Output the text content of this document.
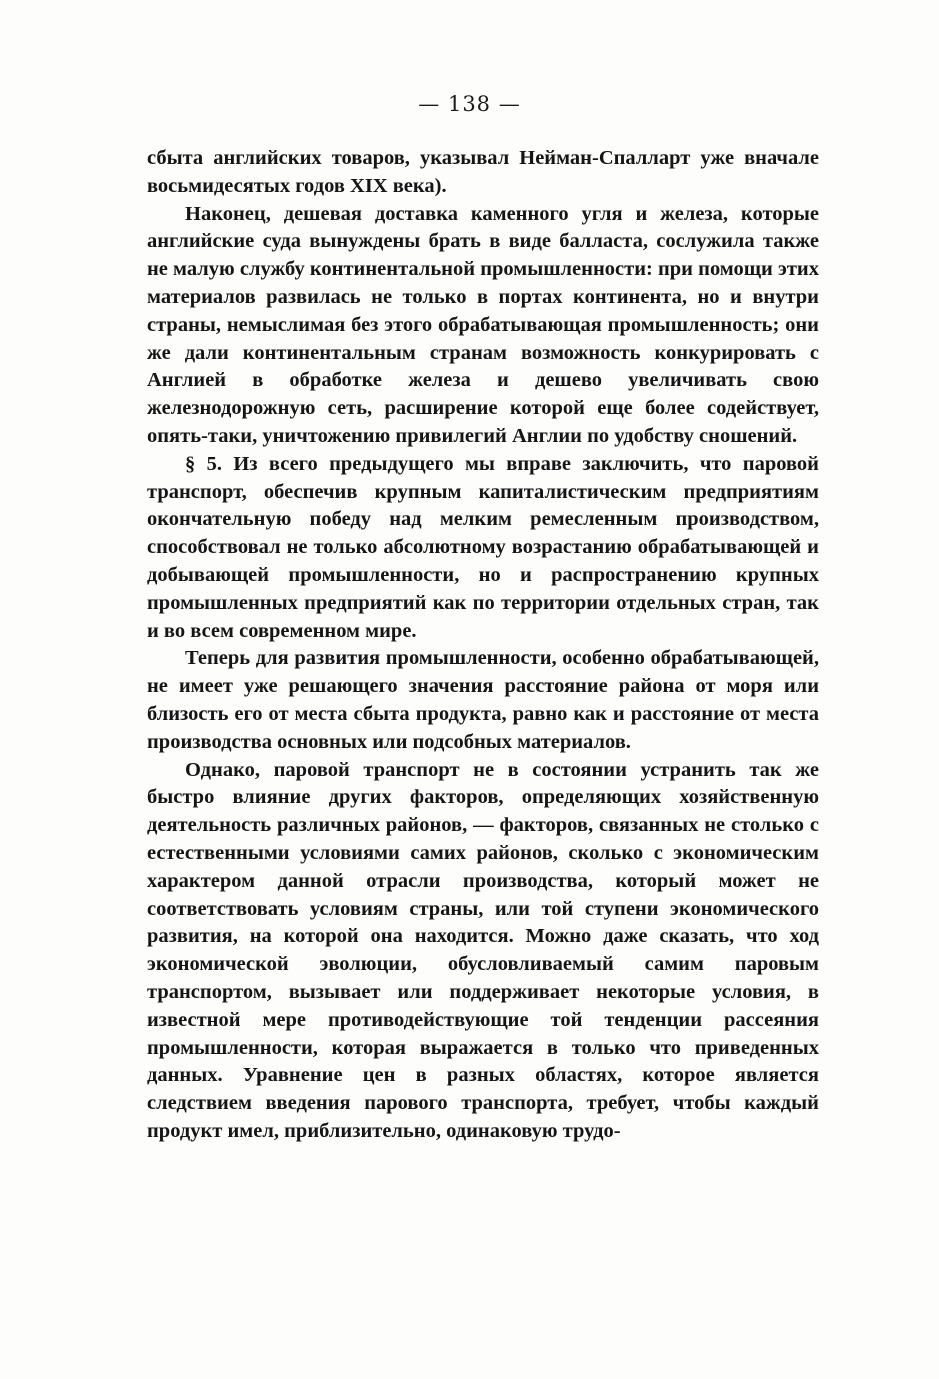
— 138 —

сбыта английских товаров, указывал Нейман-Спалларт уже вначале восьмидесятых годов XIX века).

Наконец, дешевая доставка каменного угля и железа, которые английские суда вынуждены брать в виде балласта, сослужила также не малую службу континентальной промышленности: при помощи этих материалов развилась не только в портах континента, но и внутри страны, немыслимая без этого обрабатывающая промышленность; они же дали континентальным странам возможность конкурировать с Англией в обработке железа и дешево увеличивать свою железнодорожную сеть, расширение которой еще более содействует, опять-таки, уничтожению привилегий Англии по удобству сношений.

§ 5. Из всего предыдущего мы вправе заключить, что паровой транспорт, обеспечив крупным капиталистическим предприятиям окончательную победу над мелким ремесленным производством, способствовал не только абсолютному возрастанию обрабатывающей и добывающей промышленности, но и распространению крупных промышленных предприятий как по территории отдельных стран, так и во всем современном мире.

Теперь для развития промышленности, особенно обрабатывающей, не имеет уже решающего значения расстояние района от моря или близость его от места сбыта продукта, равно как и расстояние от места производства основных или подсобных материалов.

Однако, паровой транспорт не в состоянии устранить так же быстро влияние других факторов, определяющих хозяйственную деятельность различных районов, — факторов, связанных не столько с естественными условиями самих районов, сколько с экономическим характером данной отрасли производства, который может не соответствовать условиям страны, или той ступени экономического развития, на которой она находится. Можно даже сказать, что ход экономической эволюции, обусловливаемый самим паровым транспортом, вызывает или поддерживает некоторые условия, в известной мере противодействующие той тенденции рассеяния промышленности, которая выражается в только что приведенных данных. Уравнение цен в разных областях, которое является следствием введения парового транспорта, требует, чтобы каждый продукт имел, приблизительно, одинаковую трудо-
